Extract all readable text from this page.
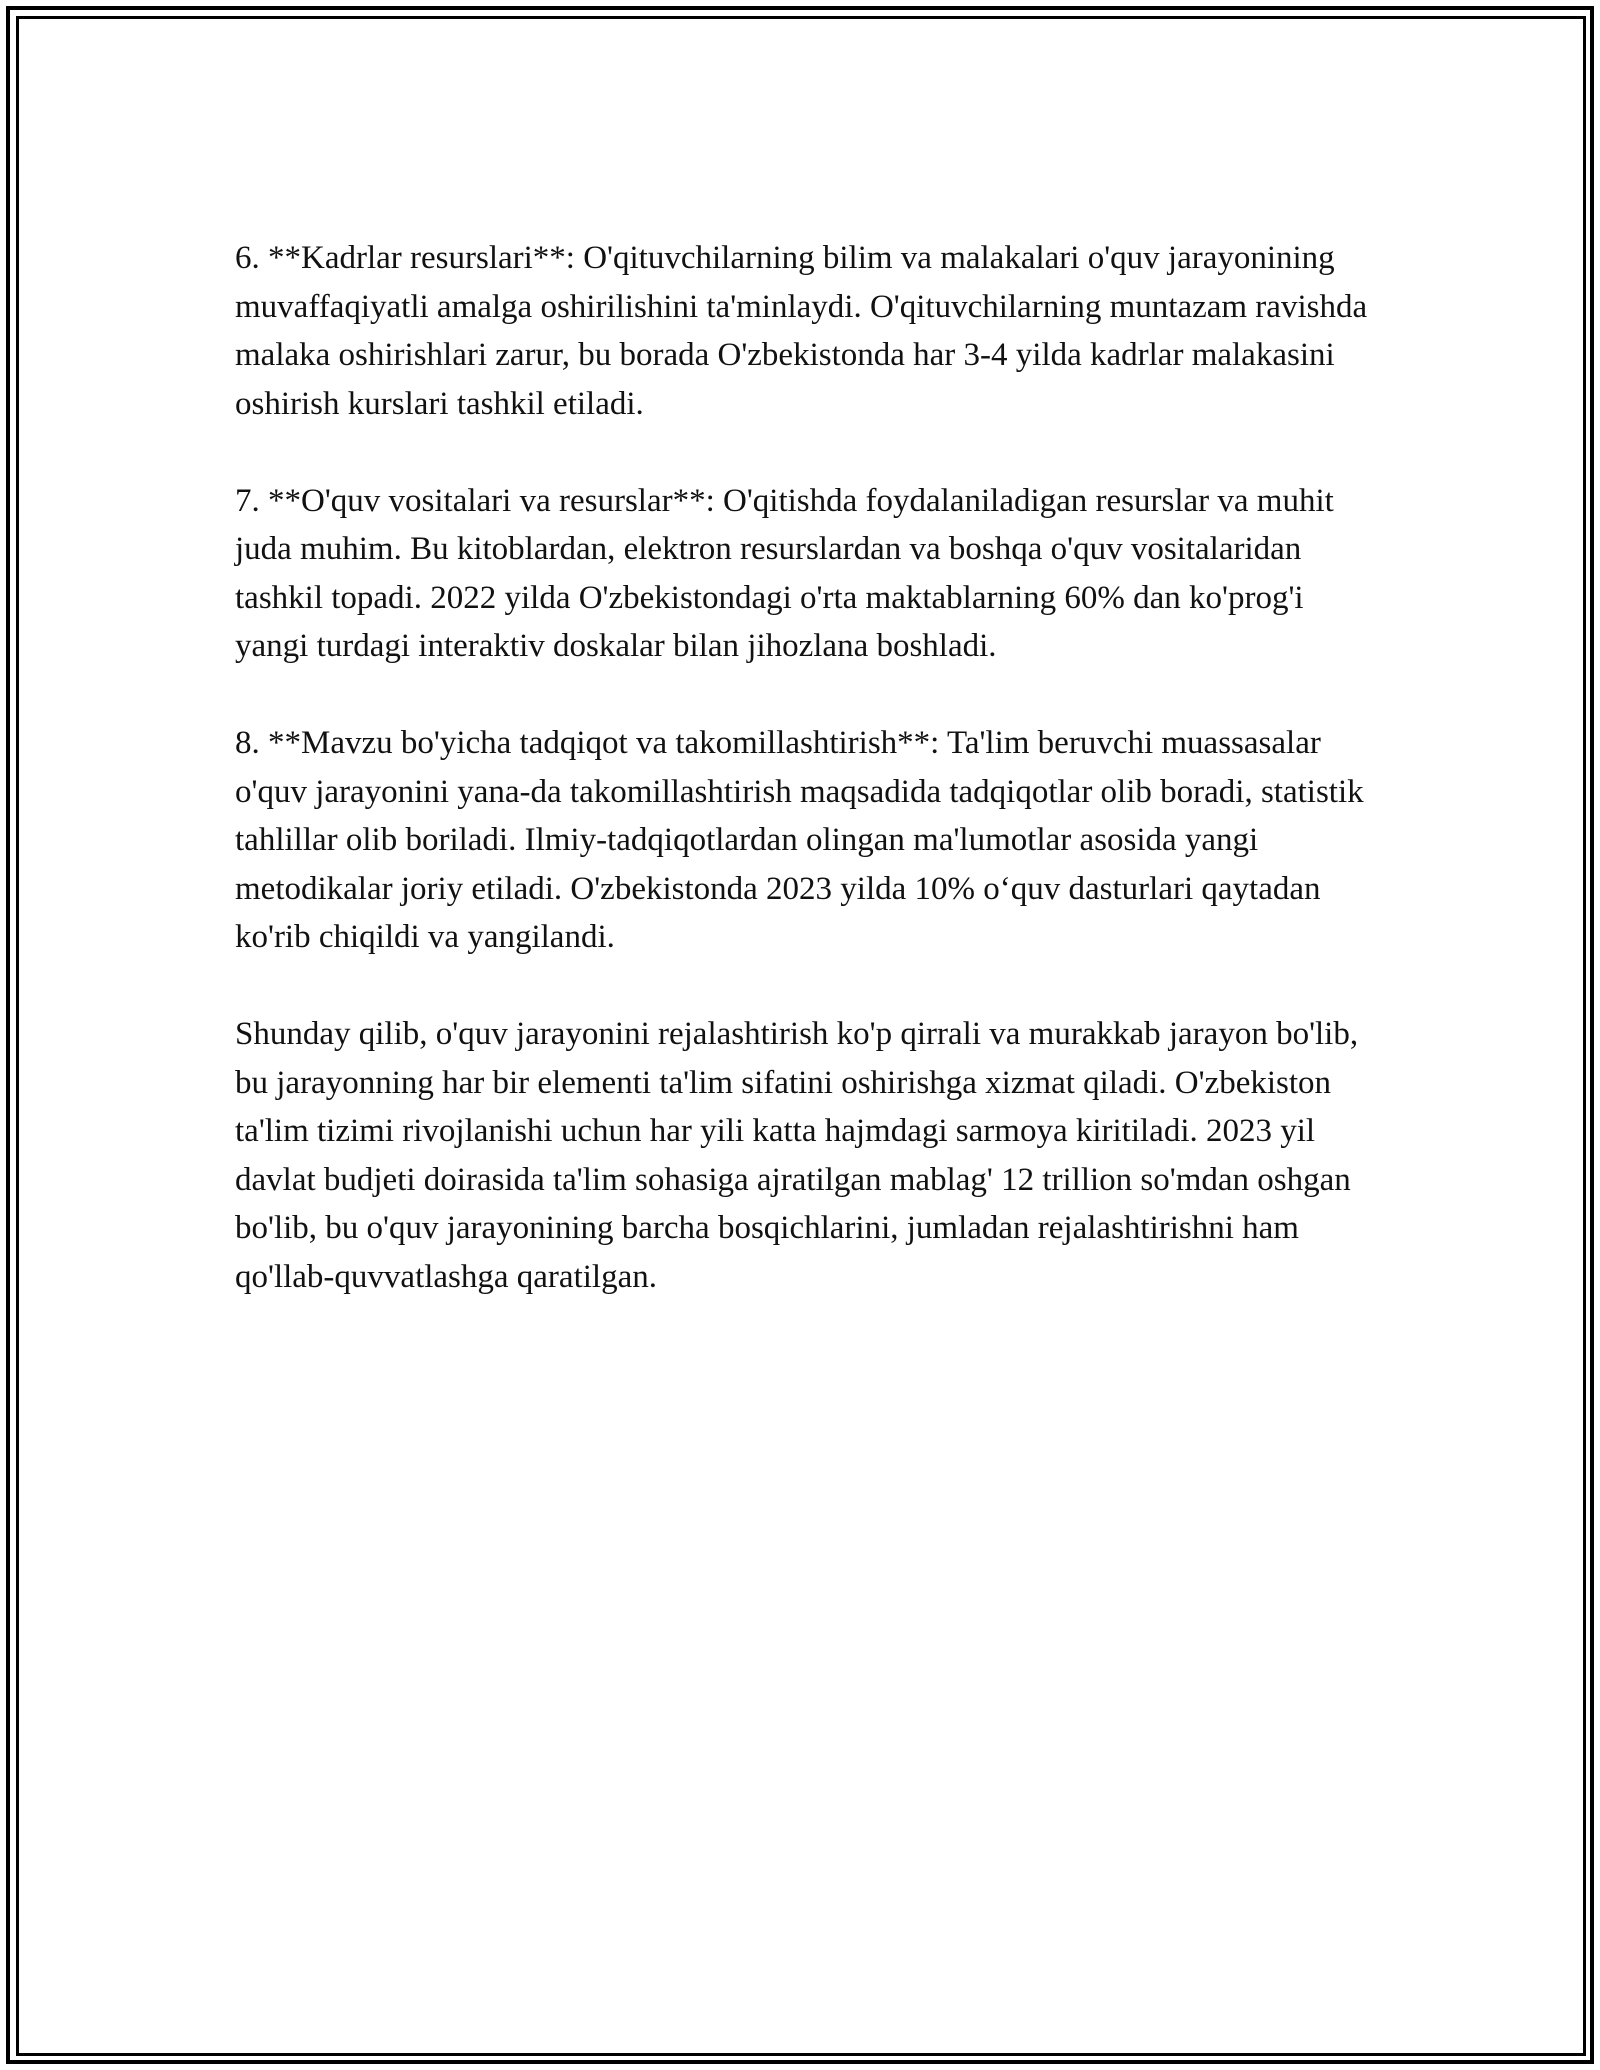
6. **Kadrlar resurslari**: O'qituvchilarning bilim va malakalari o'quv jarayonining muvaffaqiyatli amalga oshirilishini ta'minlaydi. O'qituvchilarning muntazam ravishda malaka oshirishlari zarur, bu borada O'zbekistonda har 3-4 yilda kadrlar malakasini oshirish kurslari tashkil etiladi.

7. **O'quv vositalari va resurslar**: O'qitishda foydalaniladigan resurslar va muhit juda muhim. Bu kitoblardan, elektron resurslardan va boshqa o'quv vositalaridan tashkil topadi. 2022 yilda O'zbekistondagi o'rta maktablarning 60% dan ko'prog'i yangi turdagi interaktiv doskalar bilan jihozlana boshladi.

8. **Mavzu bo'yicha tadqiqot va takomillashtirish**: Ta'lim beruvchi muassasalar o'quv jarayonini yana-da takomillashtirish maqsadida tadqiqotlar olib boradi, statistik tahlillar olib boriladi. Ilmiy-tadqiqotlardan olingan ma'lumotlar asosida yangi metodikalar joriy etiladi. O'zbekistonda 2023 yilda 10% o‘quv dasturlari qaytadan ko'rib chiqildi va yangilandi.

Shunday qilib, o'quv jarayonini rejalashtirish ko'p qirrali va murakkab jarayon bo'lib, bu jarayonning har bir elementi ta'lim sifatini oshirishga xizmat qiladi. O'zbekiston ta'lim tizimi rivojlanishi uchun har yili katta hajmdagi sarmoya kiritiladi. 2023 yil davlat budjeti doirasida ta'lim sohasiga ajratilgan mablag' 12 trillion so'mdan oshgan bo'lib, bu o'quv jarayonining barcha bosqichlarini, jumladan rejalashtirishni ham qo'llab-quvvatlashga qaratilgan.
